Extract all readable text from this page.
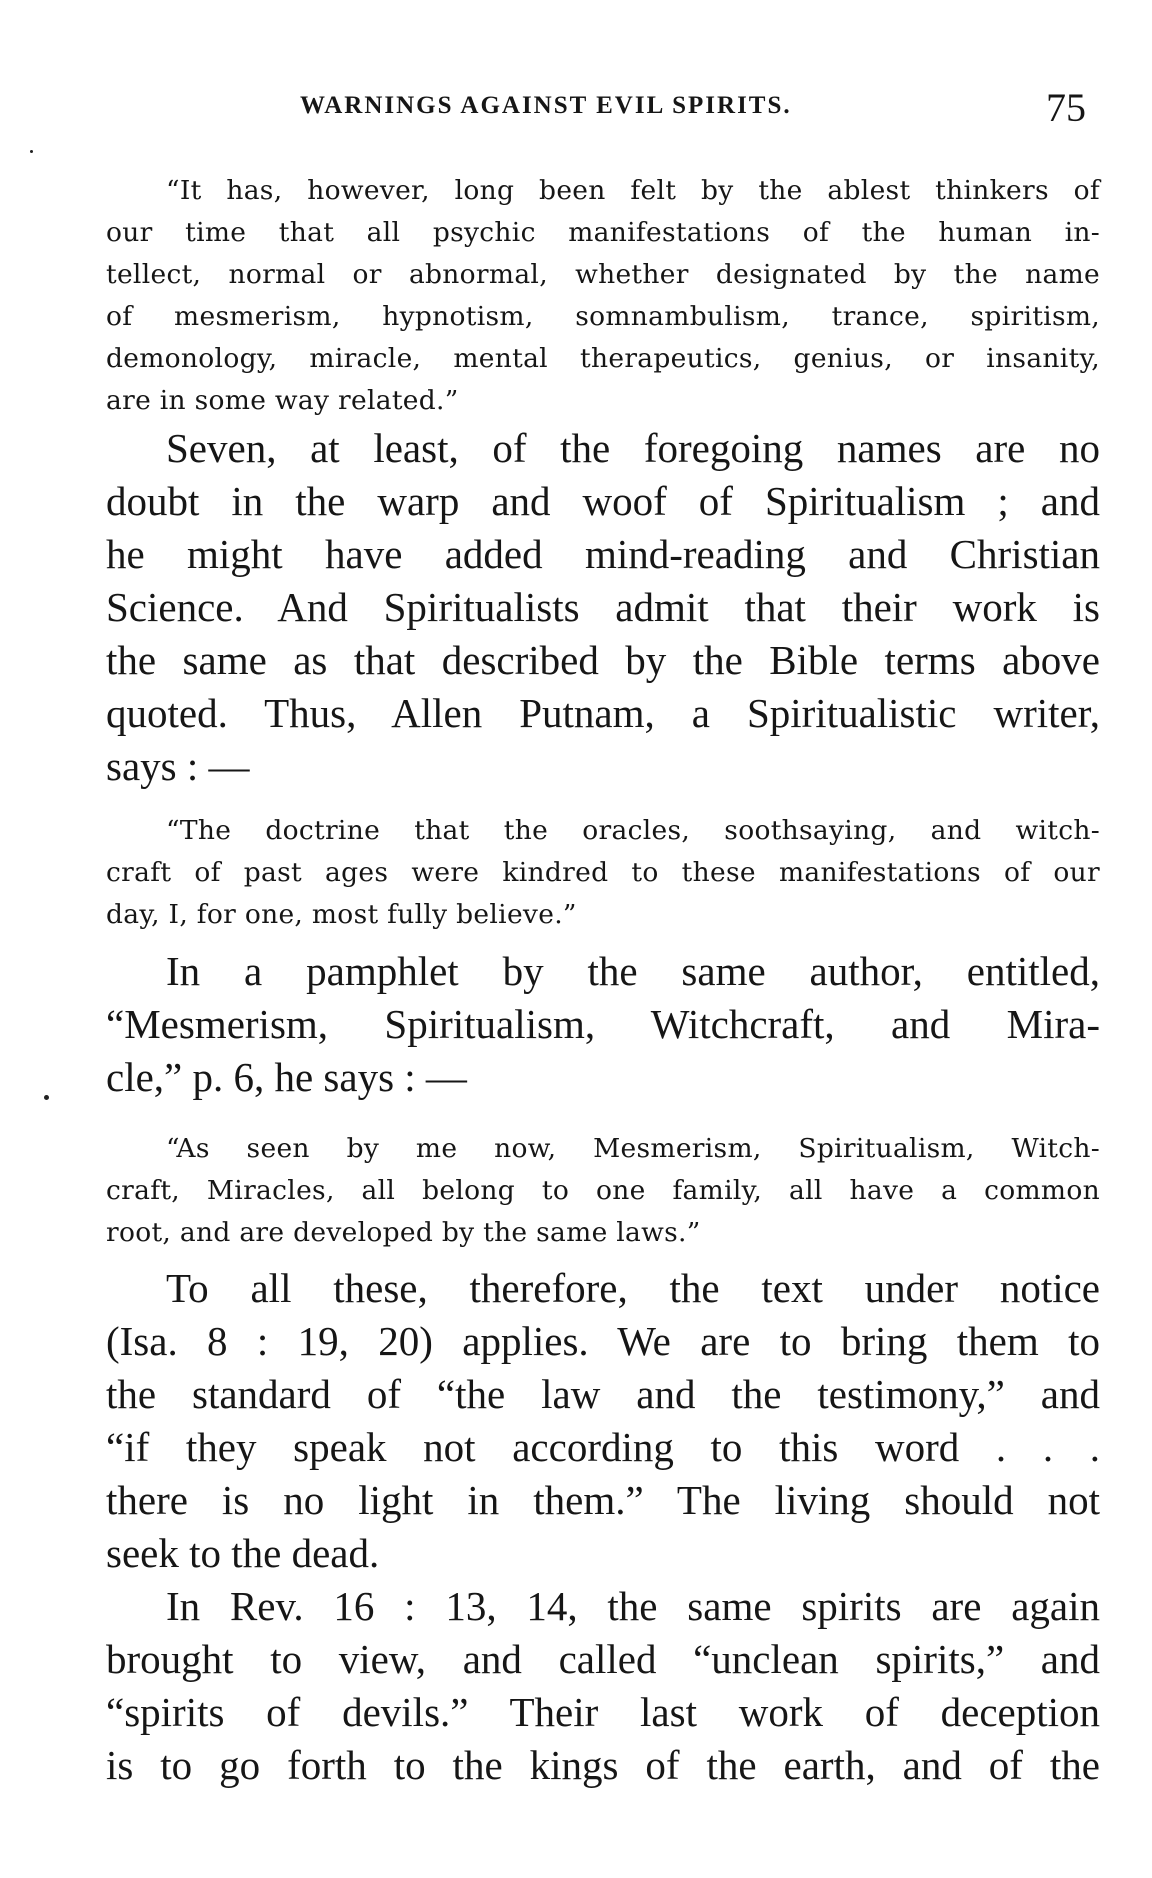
WARNINGS AGAINST EVIL SPIRITS.	75
“It has, however, long been felt by the ablest thinkers of
our time that all psychic manifestations of the human in-
tellect, normal or abnormal, whether designated by the name
of mesmerism, hypnotism, somnambulism, trance, spiritism,
demonology, miracle, mental therapeutics, genius, or insanity,
are in some way related.”
Seven, at least, of the foregoing names are no
doubt in the warp and woof of Spiritualism ; and
he might have added mind-reading and Christian
Science. And Spiritualists admit that their work is
the same as that described by the Bible terms above
quoted. Thus, Allen Putnam, a Spiritualistic writer,
says : —
“The doctrine that the oracles, soothsaying, and witch-
craft of past ages were kindred to these manifestations of our
day, I, for one, most fully believe.”
In a pamphlet by the same author, entitled,
“Mesmerism, Spiritualism, Witchcraft, and Mira-
cle,” p. 6, he says : —
“As seen by me now, Mesmerism, Spiritualism, Witch-
craft, Miracles, all belong to one family, all have a common
root, and are developed by the same laws.”
To all these, therefore, the text under notice
(Isa. 8 : 19, 20) applies. We are to bring them to
the standard of “the law and the testimony,” and
“if they speak not according to this word . . .
there is no light in them.” The living should not
seek to the dead.
In Rev. 16 : 13, 14, the same spirits are again
brought to view, and called “unclean spirits,” and
“spirits of devils.” Their last work of deception
is to go forth to the kings of the earth, and of the
